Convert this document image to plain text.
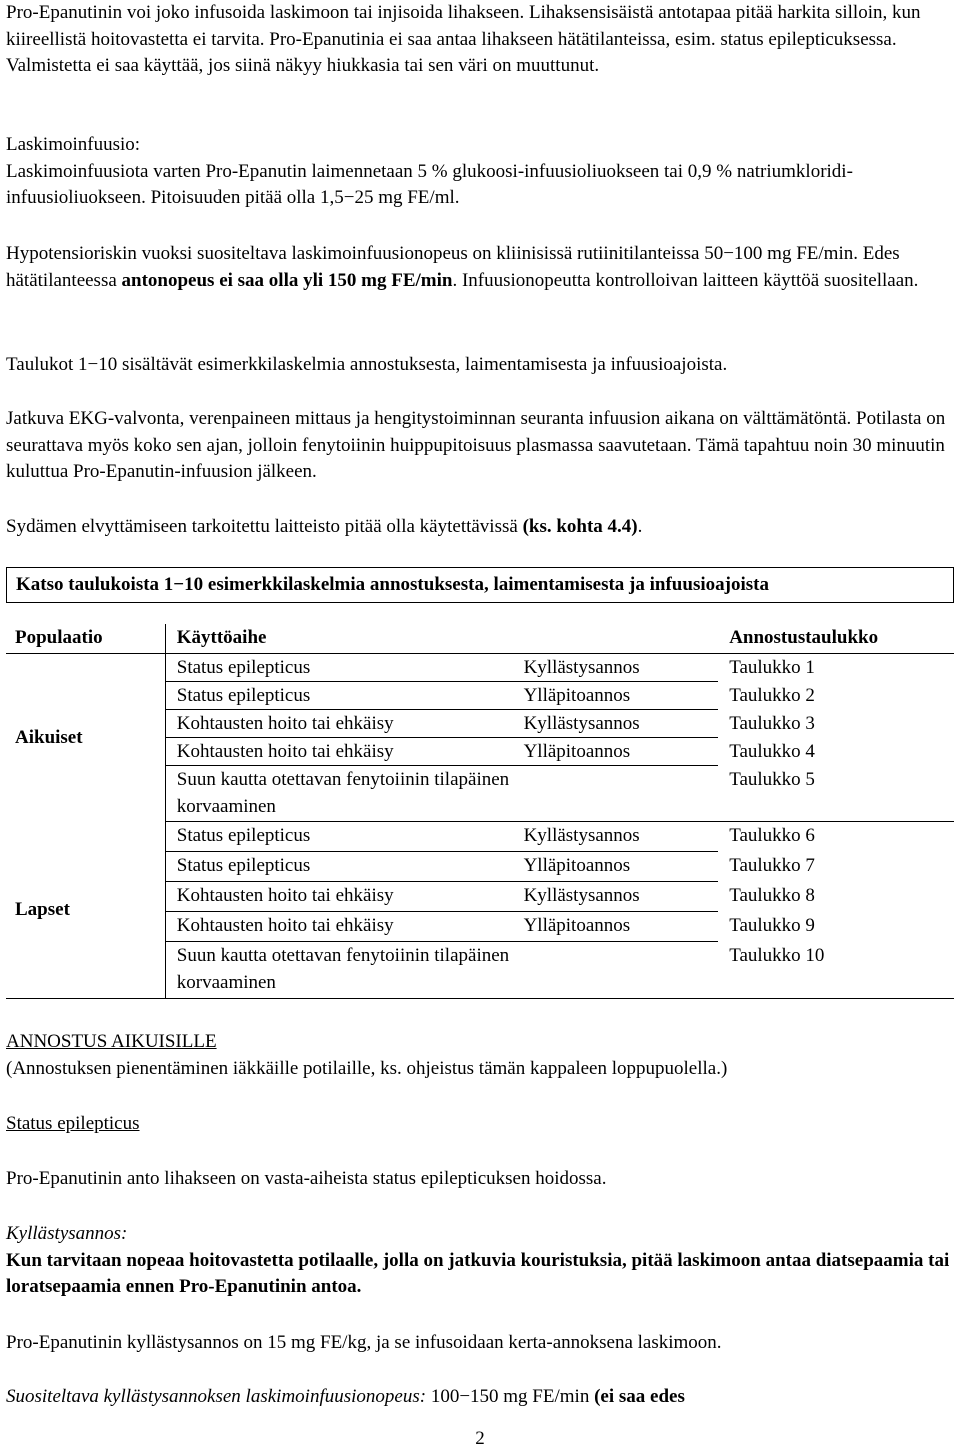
Pro-Epanutinin voi joko infusoida laskimoon tai injisoida lihakseen. Lihaksensisäistä antotapaa pitää harkita silloin, kun kiireellistä hoitovastetta ei tarvita. Pro-Epanutinia ei saa antaa lihakseen hätätilanteissa, esim. status epilepticuksessa.
Valmistetta ei saa käyttää, jos siinä näkyy hiukkasia tai sen väri on muuttunut.

Laskimoinfuusio:
Laskimoinfuusiota varten Pro-Epanutin laimennetaan 5 % glukoosi-infuusioliuokseen tai 0,9 % natriumkloridi-infuusioliuokseen. Pitoisuuden pitää olla 1,5−25 mg FE/ml.

Hypotensioriskin vuoksi suositeltava laskimoinfuusionopeus on kliinisissä rutiinitilanteissa 50−100 mg FE/min. Edes hätätilanteessa antonopeus ei saa olla yli 150 mg FE/min. Infuusionopeutta kontrolloivan laitteen käyttöä suositellaan.

Taulukot 1−10 sisältävät esimerkkilaskelmia annostuksesta, laimentamisesta ja infuusioajoista.

Jatkuva EKG-valvonta, verenpaineen mittaus ja hengitystoiminnan seuranta infuusion aikana on välttämätöntä. Potilasta on seurattava myös koko sen ajan, jolloin fenytoiinin huippupitoisuus plasmassa saavutetaan. Tämä tapahtuu noin 30 minuutin kuluttua Pro-Epanutin-infuusion jälkeen.

Sydämen elvyttämiseen tarkoitettu laitteisto pitää olla käytettävissä (ks. kohta 4.4).

Katso taulukoista 1−10 esimerkkilaskelmia annostuksesta, laimentamisesta ja infuusioajoista
Populaatio	Käyttöaihe		Annostustaulukko
Aikuiset	Status epilepticus	Kyllästysannos	Taulukko 1
	Status epilepticus	Ylläpitoannos	Taulukko 2
	Kohtausten hoito tai ehkäisy	Kyllästysannos	Taulukko 3
	Kohtausten hoito tai ehkäisy	Ylläpitoannos	Taulukko 4
	Suun kautta otettavan fenytoiinin tilapäinen korvaaminen		Taulukko 5
Lapset	Status epilepticus	Kyllästysannos	Taulukko 6
	Status epilepticus	Ylläpitoannos	Taulukko 7
	Kohtausten hoito tai ehkäisy	Kyllästysannos	Taulukko 8
	Kohtausten hoito tai ehkäisy	Ylläpitoannos	Taulukko 9
	Suun kautta otettavan fenytoiinin tilapäinen korvaaminen		Taulukko 10

ANNOSTUS AIKUISILLE
(Annostuksen pienentäminen iäkkäille potilaille, ks. ohjeistus tämän kappaleen loppupuolella.)

Status epilepticus

Pro-Epanutinin anto lihakseen on vasta-aiheista status epilepticuksen hoidossa.

Kyllästysannos:
Kun tarvitaan nopeaa hoitovastetta potilaalle, jolla on jatkuvia kouristuksia, pitää laskimoon antaa diatsepaamia tai loratsepaamia ennen Pro-Epanutinin antoa.

Pro-Epanutinin kyllästysannos on 15 mg FE/kg, ja se infusoidaan kerta-annoksena laskimoon.

Suositeltava kyllästysannoksen laskimoinfuusionopeus: 100−150 mg FE/min (ei saa edes

2
